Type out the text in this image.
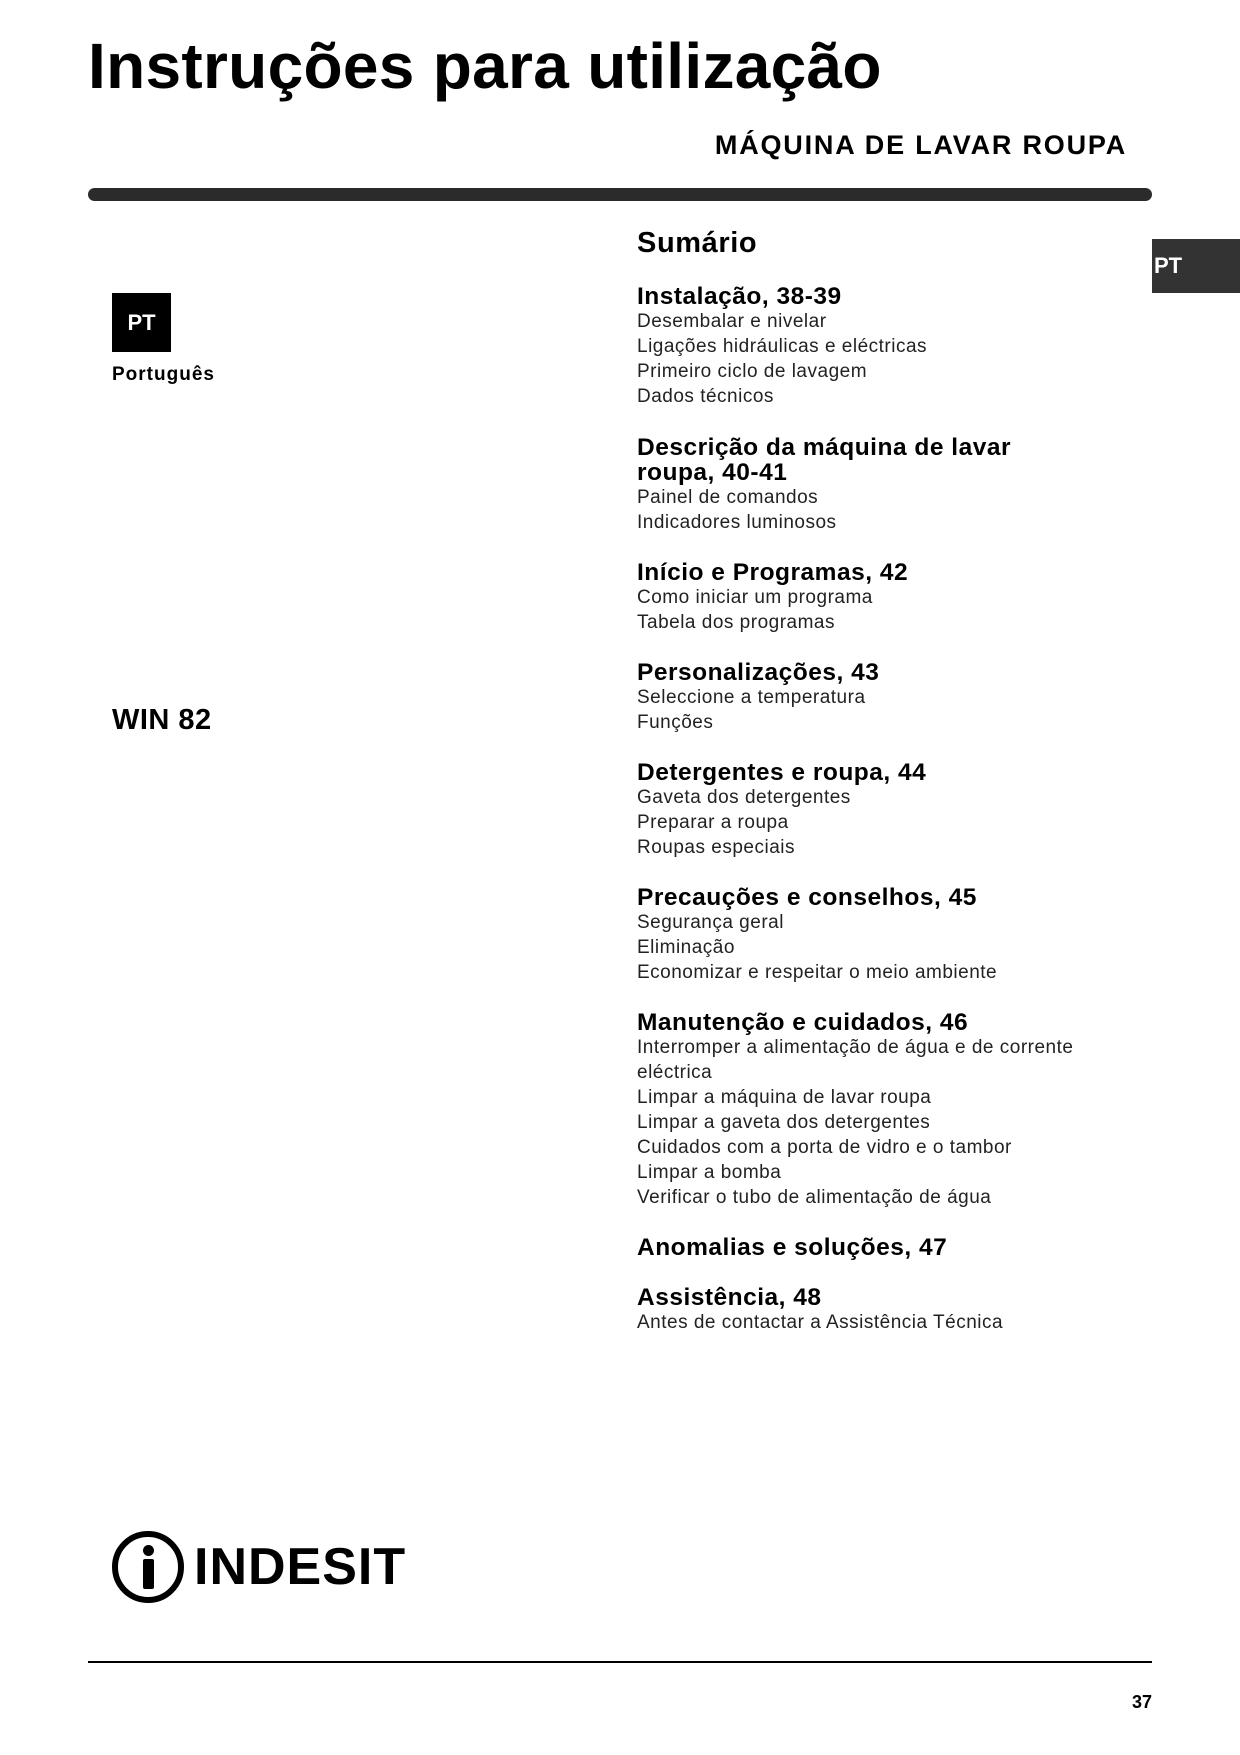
Instruções para utilização
MÁQUINA DE LAVAR ROUPA
PT
PT
Português
WIN 82
Sumário
Instalação, 38-39
Desembalar e nivelar
Ligações hidráulicas e eléctricas
Primeiro ciclo de lavagem
Dados técnicos
Descrição da máquina de lavar
roupa, 40-41
Painel de comandos
Indicadores luminosos
Início e Programas, 42
Como iniciar um programa
Tabela dos programas
Personalizações, 43
Seleccione a temperatura
Funções
Detergentes e roupa, 44
Gaveta dos detergentes
Preparar a roupa
Roupas especiais
Precauções e conselhos, 45
Segurança geral
Eliminação
Economizar e respeitar o meio ambiente
Manutenção e cuidados, 46
Interromper a alimentação de água e de corrente
eléctrica
Limpar a máquina de lavar roupa
Limpar a gaveta dos detergentes
Cuidados com a porta de vidro e o tambor
Limpar a bomba
Verificar o tubo de alimentação de água
Anomalias e soluções, 47
Assistência, 48
Antes de contactar a Assistência Técnica
INDESIT
37
